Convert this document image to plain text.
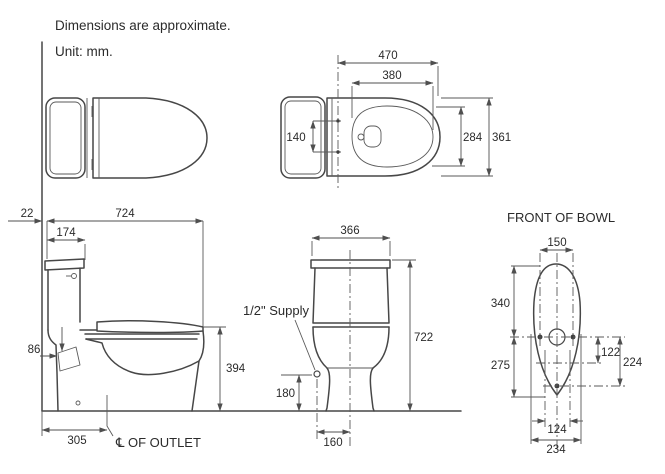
Dimensions are approximate.
Unit: mm.	470
380
140	284 361
22	724
174
86
394
305 ℄ OF OUTLET
366
1/2" Supply
180
160
722
FRONT OF BOWL
150
340
275
122
224
124
234
